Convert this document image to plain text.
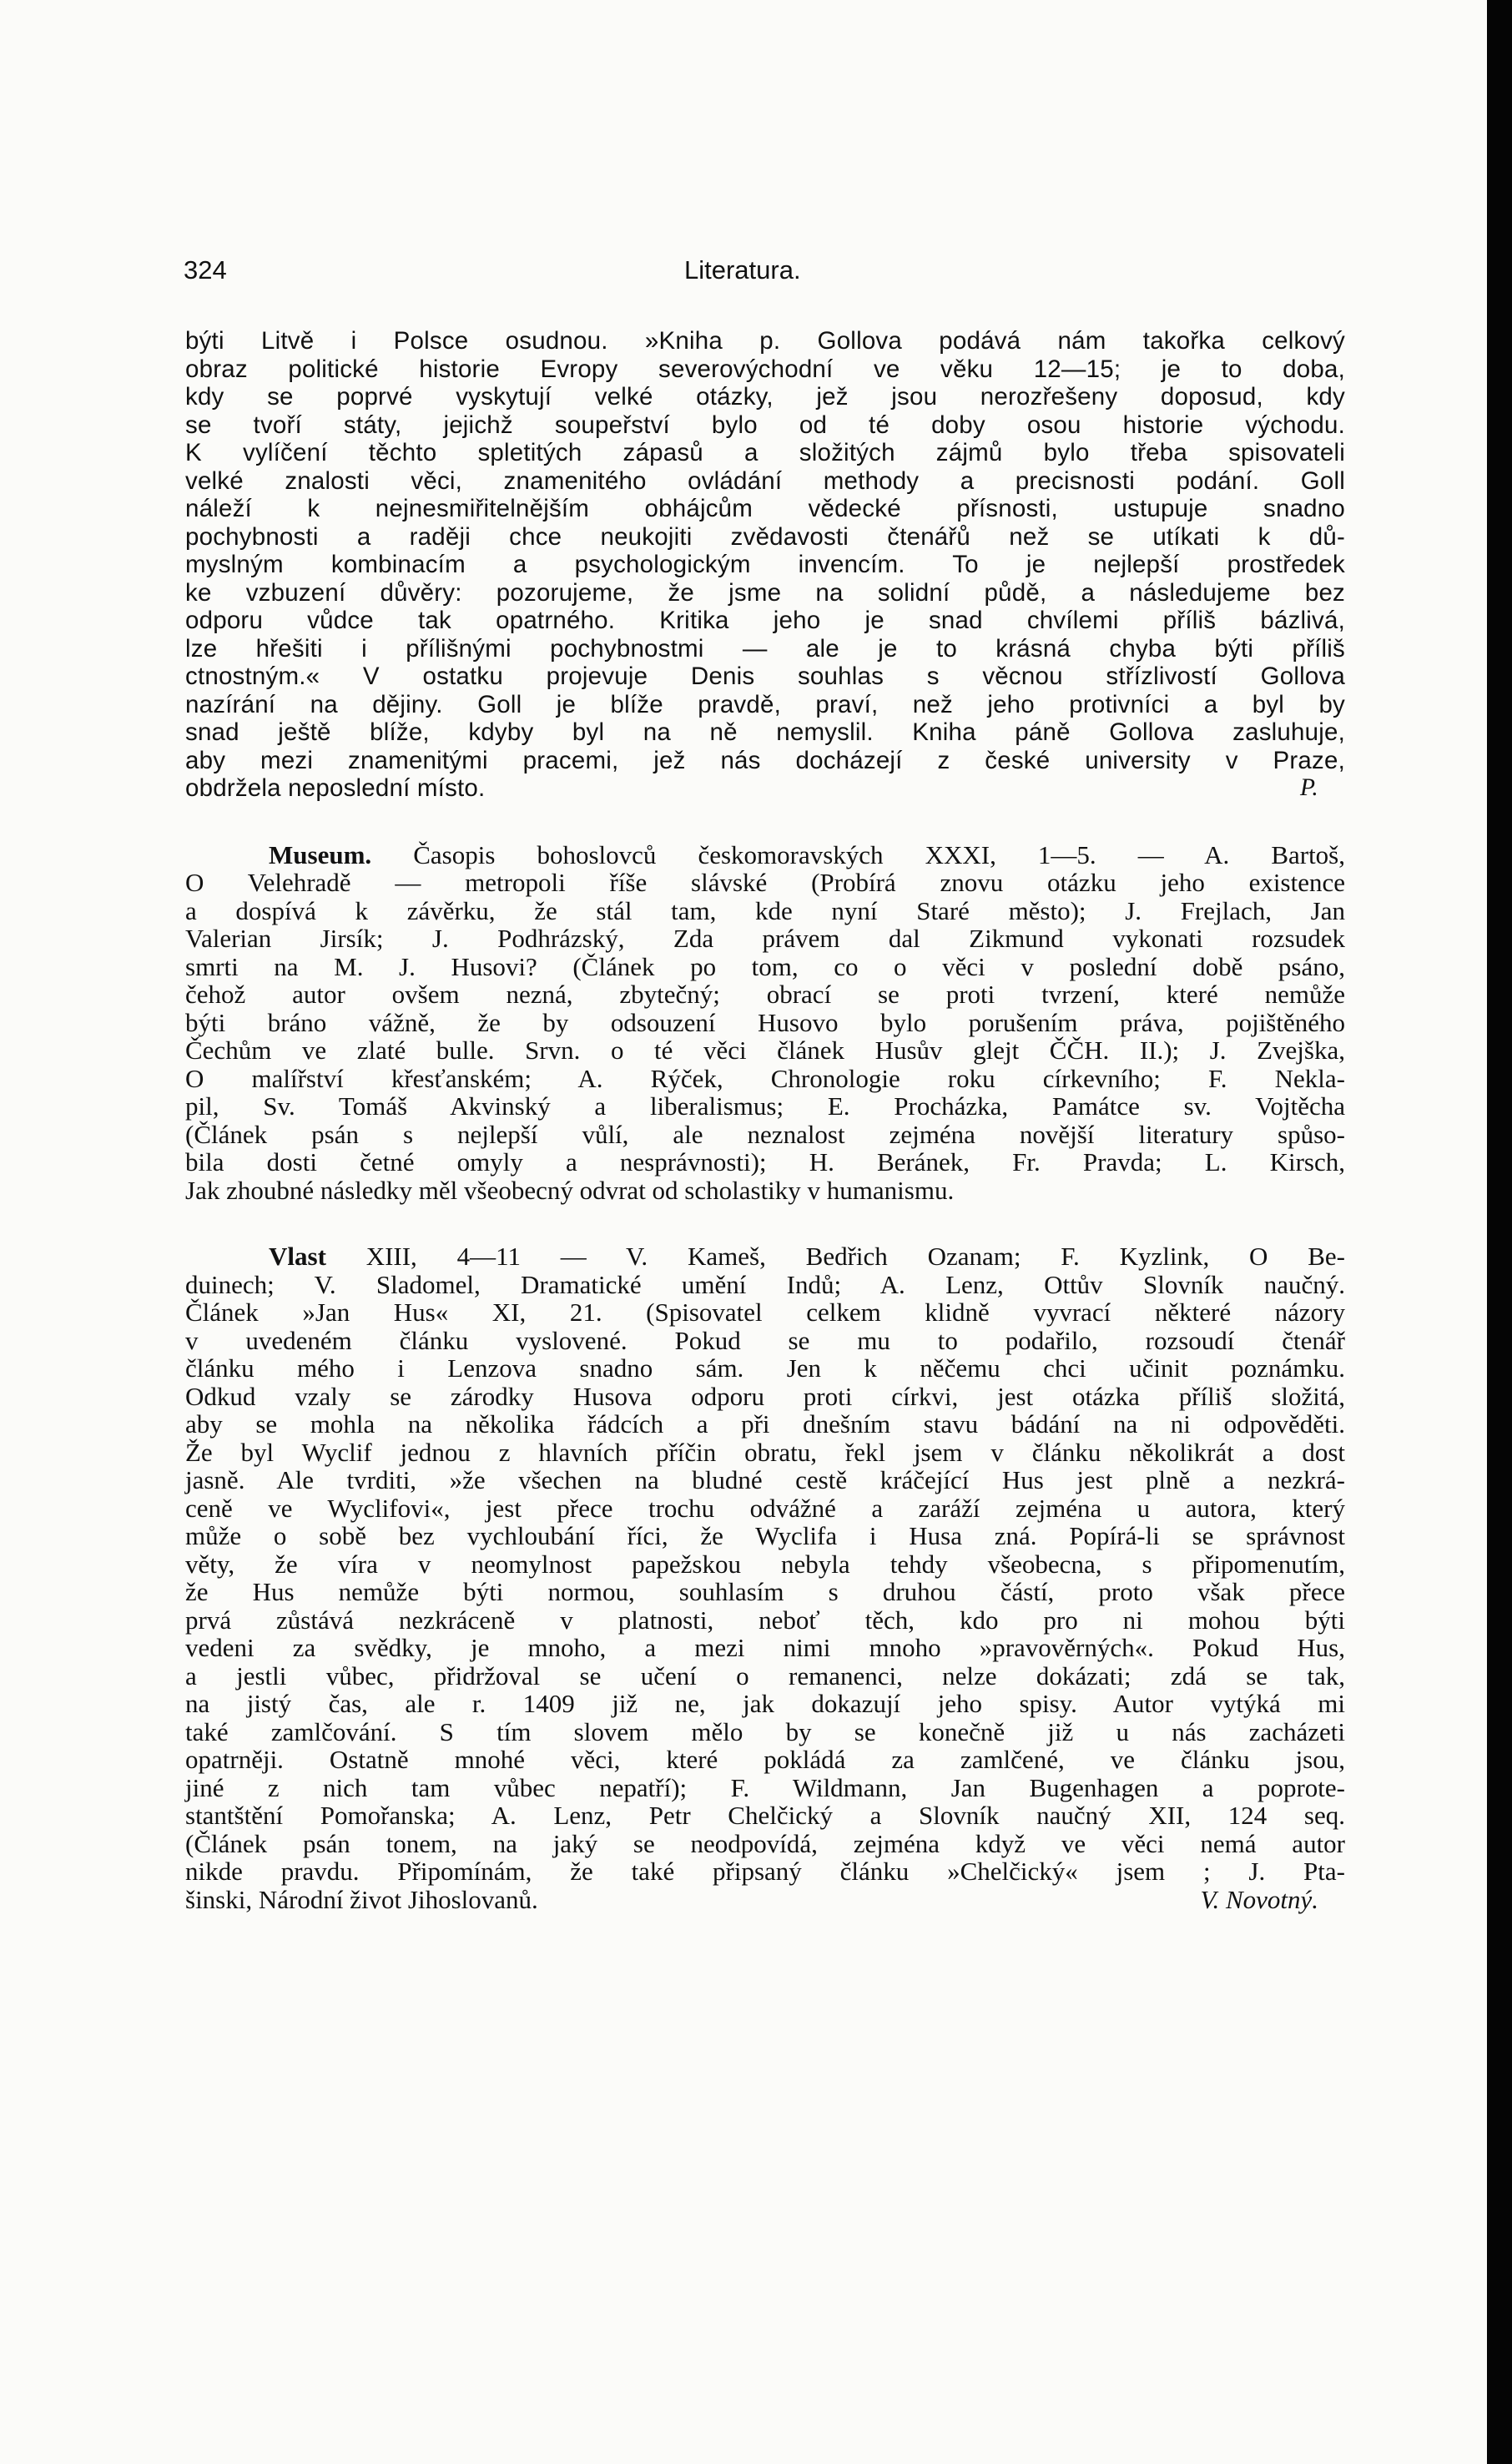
324	Literatura.
býti Litvě i Polsce osudnou. »Kniha p. Gollova podává nám takořka celkový
obraz politické historie Evropy severovýchodní ve věku 12—15; je to doba,
kdy se poprvé vyskytují velké otázky, jež jsou nerozřešeny doposud, kdy
se tvoří státy, jejichž soupeřství bylo od té doby osou historie východu.
K vylíčení těchto spletitých zápasů a složitých zájmů bylo třeba spisovateli
velké znalosti věci, znamenitého ovládání methody a precisnosti podání. Goll
náleží k nejnesmiřitelnějším obhájcům vědecké přísnosti, ustupuje snadno
pochybnosti a raději chce neukojiti zvědavosti čtenářů než se utíkati k dů-
myslným kombinacím a psychologickým invencím. To je nejlepší prostředek
ke vzbuzení důvěry: pozorujeme, že jsme na solidní půdě, a následujeme bez
odporu vůdce tak opatrného. Kritika jeho je snad chvílemi příliš bázlivá,
lze hřešiti i přílišnými pochybnostmi — ale je to krásná chyba býti příliš
ctnostným.« V ostatku projevuje Denis souhlas s věcnou střízlivostí Gollova
nazírání na dějiny. Goll je blíže pravdě, praví, než jeho protivníci a byl by
snad ještě blíže, kdyby byl na ně nemyslil. Kniha páně Gollova zasluhuje,
aby mezi znamenitými pracemi, jež nás docházejí z české university v Praze,
obdržela neposlední místo.	P.
Museum. Časopis bohoslovců českomoravských XXXI, 1—5. — A. Bartoš,
O Velehradě — metropoli říše slávské (Probírá znovu otázku jeho existence
a dospívá k závěrku, že stál tam, kde nyní Staré město); J. Frejlach, Jan
Valerian Jirsík; J. Podhrázský, Zda právem dal Zikmund vykonati rozsudek
smrti na M. J. Husovi? (Článek po tom, co o věci v poslední době psáno,
čehož autor ovšem nezná, zbytečný; obrací se proti tvrzení, které nemůže
býti bráno vážně, že by odsouzení Husovo bylo porušením práva, pojištěného
Čechům ve zlaté bulle. Srvn. o té věci článek Husův glejt ČČH. II.); J. Zvejška,
O malířství křesťanském; A. Rýček, Chronologie roku církevního; F. Nekla-
pil, Sv. Tomáš Akvinský a liberalismus; E. Procházka, Památce sv. Vojtěcha
(Článek psán s nejlepší vůlí, ale neznalost zejména novější literatury spůso-
bila dosti četné omyly a nesprávnosti); H. Beránek, Fr. Pravda; L. Kirsch,
Jak zhoubné následky měl všeobecný odvrat od scholastiky v humanismu.
Vlast XIII, 4—11 — V. Kameš, Bedřich Ozanam; F. Kyzlink, O Be-
duinech; V. Sladomel, Dramatické umění Indů; A. Lenz, Ottův Slovník naučný.
Článek »Jan Hus« XI, 21. (Spisovatel celkem klidně vyvrací některé názory
v uvedeném článku vyslovené. Pokud se mu to podařilo, rozsoudí čtenář
článku mého i Lenzova snadno sám. Jen k něčemu chci učinit poznámku.
Odkud vzaly se zárodky Husova odporu proti církvi, jest otázka příliš složitá,
aby se mohla na několika řádcích a při dnešním stavu bádání na ni odpověděti.
Že byl Wyclif jednou z hlavních příčin obratu, řekl jsem v článku několikrát a dost
jasně. Ale tvrditi, »že všechen na bludné cestě kráčející Hus jest plně a nezkrá-
ceně ve Wyclifovi«, jest přece trochu odvážné a zaráží zejména u autora, který
může o sobě bez vychloubání říci, že Wyclifa i Husa zná. Popírá-li se správnost
věty, že víra v neomylnost papežskou nebyla tehdy všeobecna, s připomenutím,
že Hus nemůže býti normou, souhlasím s druhou částí, proto však přece
prvá zůstává nezkráceně v platnosti, neboť těch, kdo pro ni mohou býti
vedeni za svědky, je mnoho, a mezi nimi mnoho »pravověrných«. Pokud Hus,
a jestli vůbec, přidržoval se učení o remanenci, nelze dokázati; zdá se tak,
na jistý čas, ale r. 1409 již ne, jak dokazují jeho spisy. Autor vytýká mi
také zamlčování. S tím slovem mělo by se konečně již u nás zacházeti
opatrněji. Ostatně mnohé věci, které pokládá za zamlčené, ve článku jsou,
jiné z nich tam vůbec nepatří); F. Wildmann, Jan Bugenhagen a poprote-
stantštění Pomořanska; A. Lenz, Petr Chelčický a Slovník naučný XII, 124 seq.
(Článek psán tonem, na jaký se neodpovídá, zejména když ve věci nemá autor
nikde pravdu. Připomínám, že také připsaný článku »Chelčický« jsem ; J. Pta-
šinski, Národní život Jihoslovanů.	V. Novotný.
